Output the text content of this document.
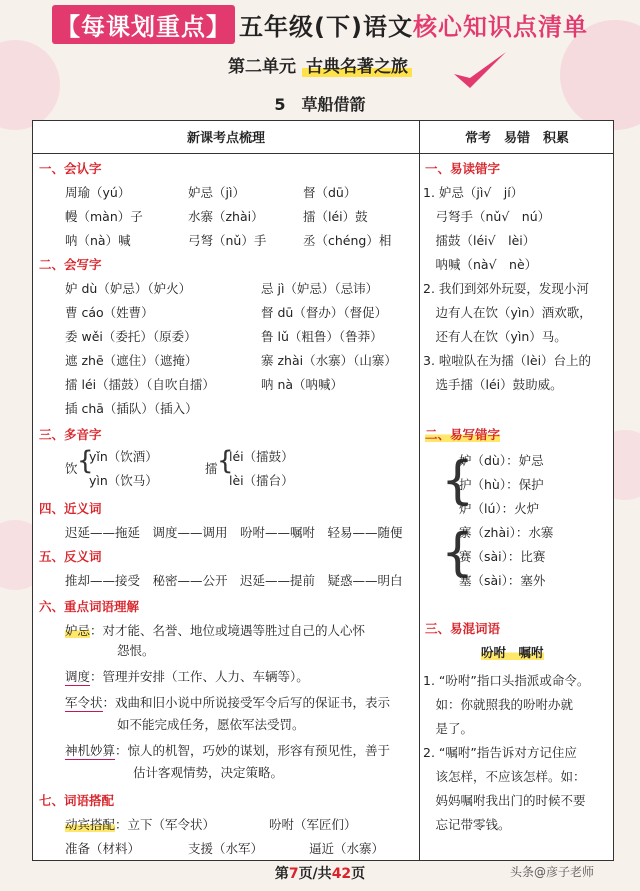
【每课划重点】 五年级(下)语文 核心知识点清单
第二单元 古典名著之旅
5　草船借箭
新课考点梳理	常考　易错　积累
一、会认字
周瑜（yú）	妒忌（jì）	督（dū）
幔（màn）子	水寨（zhài）	擂（léi）鼓
呐（nà）喊	弓弩（nǔ）手	丞（chéng）相
二、会写字
妒 dù（妒忌）（妒火）	忌 jì（妒忌）（忌讳）
曹 cáo（姓曹）	督 dū（督办）（督促）
委 wěi（委托）（原委）	鲁 lǔ（粗鲁）（鲁莽）
遮 zhē（遮住）（遮掩）	寨 zhài（水寨）（山寨）
擂 léi（擂鼓）（自吹自擂）	呐 nà（呐喊）
插 chā（插队）（插入）
三、多音字
饮 {
yǐn（饮酒）
yìn（饮马）
擂 {
léi（擂鼓）
lèi（擂台）
四、近义词
迟延——拖延　调度——调用　吩咐——嘱咐　轻易——随便
五、反义词
推却——接受　秘密——公开　迟延——提前　疑惑——明白
六、重点词语理解
妒忌：对才能、名誉、地位或境遇等胜过自己的人心怀
怨恨。
调度：管理并安排（工作、人力、车辆等）。
军令状：戏曲和旧小说中所说接受军令后写的保证书，表示
如不能完成任务，愿依军法受罚。
神机妙算：惊人的机智，巧妙的谋划，形容有预见性，善于
估计客观情势，决定策略。
七、词语搭配
动宾搭配：立下（军令状）	吩咐（军匠们）
准备（材料）	支援（水军）	逼近（水寨）
一、易读错字
1. 妒忌（jì√　jí）
　弓弩手（nǔ√　nú）
　擂鼓（léi√　lèi）
　呐喊（nà√　nè）
2. 我们到郊外玩耍，发现小河
　边有人在饮（yìn）酒欢歌，
　还有人在饮（yìn）马。
3. 啦啦队在为擂（lèi）台上的
　选手擂（léi）鼓助威。
二、易写错字
{
妒（dù）：妒忌
护（hù）：保护
炉（lú）：火炉
{
寨（zhài）：水寨
赛（sài）：比赛
塞（sài）：塞外
三、易混词语
吩咐　嘱咐
1. “吩咐”指口头指派或命令。
　如：你就照我的吩咐办就
　是了。
2. “嘱咐”指告诉对方记住应
　该怎样，不应该怎样。如：
　妈妈嘱咐我出门的时候不要
　忘记带零钱。
第7页/共42页	头条@彦子老师
